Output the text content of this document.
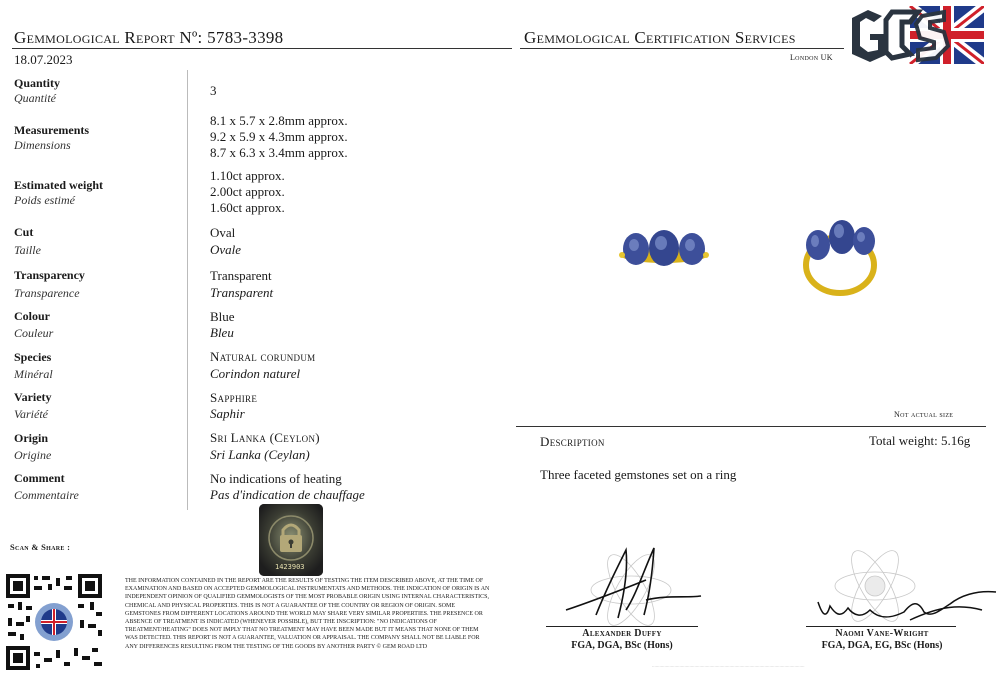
Gemmological Report Nº: 5783-3398
18.07.2023
Gemmological Certification Services
London UK
GCS
Quantity
Quantité	3
Measurements
Dimensions
8.1 x 5.7 x 2.8mm approx.
9.2 x 5.9 x 4.3mm approx.
8.7 x 6.3 x 3.4mm approx.
Estimated weight
Poids estimé
1.10ct approx.
2.00ct approx.
1.60ct approx.
Cut
Taille
Oval
Ovale
Transparency
Transparence
Transparent
Transparent
Colour
Couleur
Blue
Bleu
Species
Minéral
Natural corundum
Corindon naturel
Variety
Variété
Sapphire
Saphir
Origin
Origine
Sri Lanka (Ceylon)
Sri Lanka (Ceylan)
Comment
Commentaire
No indications of heating
Pas d'indication de chauffage
Not actual size
Description	Total weight: 5.16g
Three faceted gemstones set on a ring
Scan & Share :
1423903
THE INFORMATION CONTAINED IN THE REPORT ARE THE RESULTS OF TESTING THE ITEM DESCRIBED ABOVE, AT THE TIME OF EXAMINATION AND BASED ON ACCEPTED GEMMOLOGICAL INSTRUMENTATS AND METHODS. THE INDICATION OF ORIGIN IS AN INDEPENDENT OPINION OF QUALIFIED GEMMOLOGISTS OF THE MOST PROBABLE ORIGIN USING INTERNAL CHARACTERISTICS, CHEMICAL AND PHYSICAL PROPERTIES. THIS IS NOT A GUARANTEE OF THE COUNTRY OR REGION OF ORIGIN. SOME GEMSTONES FROM DIFFERENT LOCATIONS AROUND THE WORLD MAY SHARE VERY SIMILAR PROPERTIES. THE PRESENCE OR ABSENCE OF TREATMENT IS INDICATED (WHENEVER POSSIBLE), BUT THE INSCRIPTION: "NO INDICATIONS OF TREATMENT/HEATING" DOES NOT IMPLY THAT NO TREATMENT MAY HAVE BEEN MADE BUT IT MEANS THAT NONE OF THEM WAS DETECTED. THIS REPORT IS NOT A GUARANTEE, VALUATION OR APPRAISAL. THE COMPANY SHALL NOT BE LIABLE FOR ANY DIFFERENCES RESULTING FROM THE TESTING OF THE GOODS BY ANOTHER PARTY © GEM ROAD LTD
Alexander Duffy
FGA, DGA, BSc (Hons)
Naomi Vane-Wright
FGA, DGA, EG, BSc (Hons)
..........................................................................................................................
